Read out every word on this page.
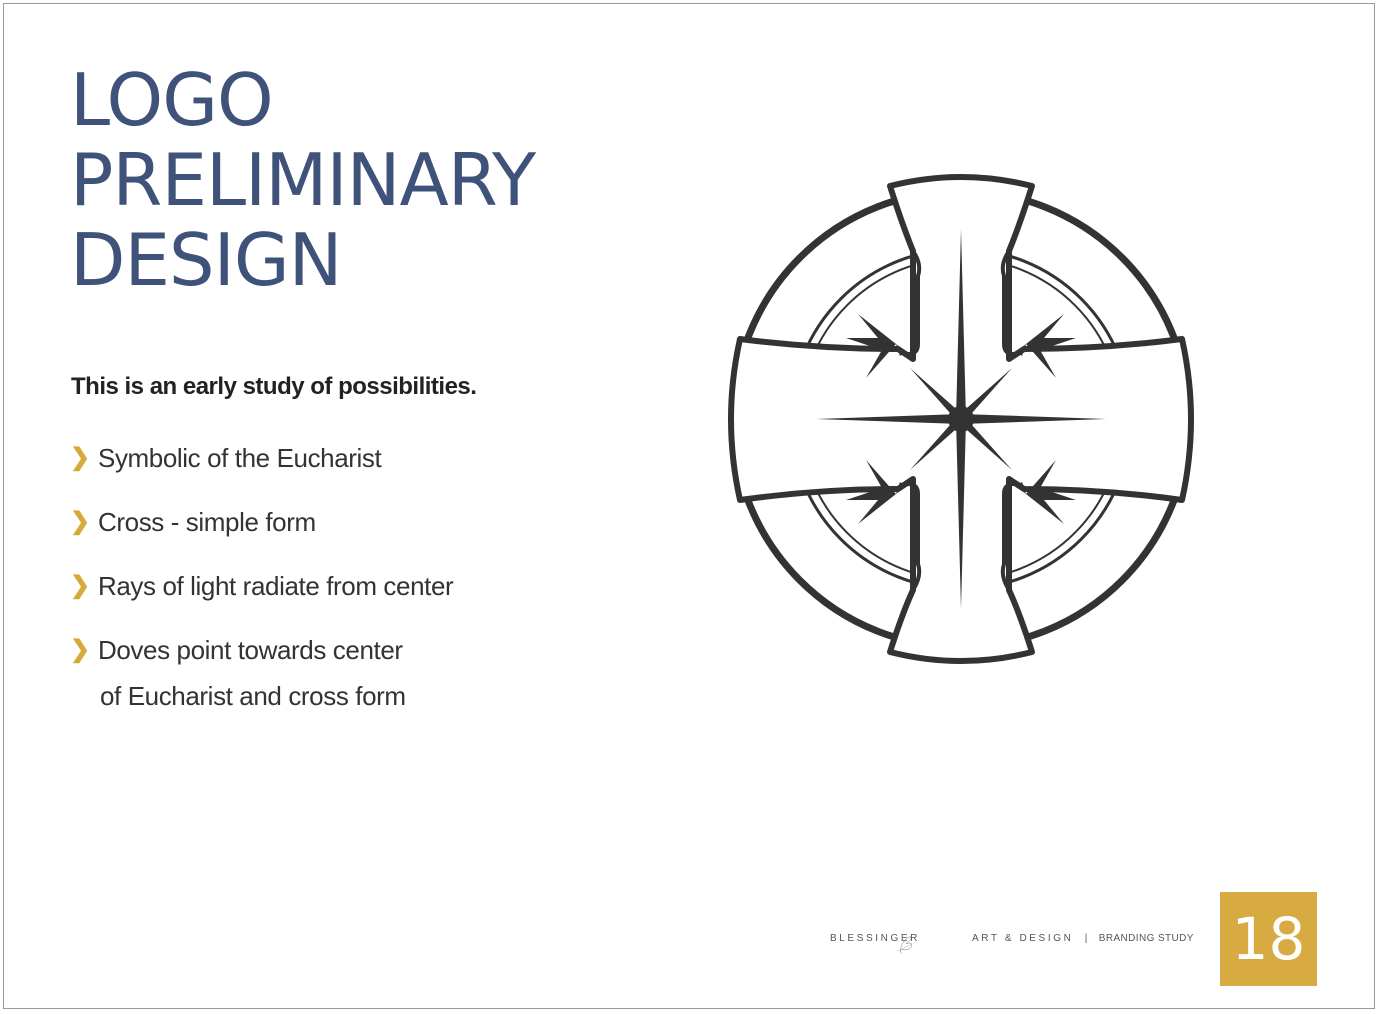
LOGO
PRELIMINARY
DESIGN

This is an early study of possibilities.

❯ Symbolic of the Eucharist
❯ Cross - simple form
❯ Rays of light radiate from center
❯ Doves point towards center
of Eucharist and cross form
BLESSINGER	ART & DESIGN | BRANDING STUDY 18
